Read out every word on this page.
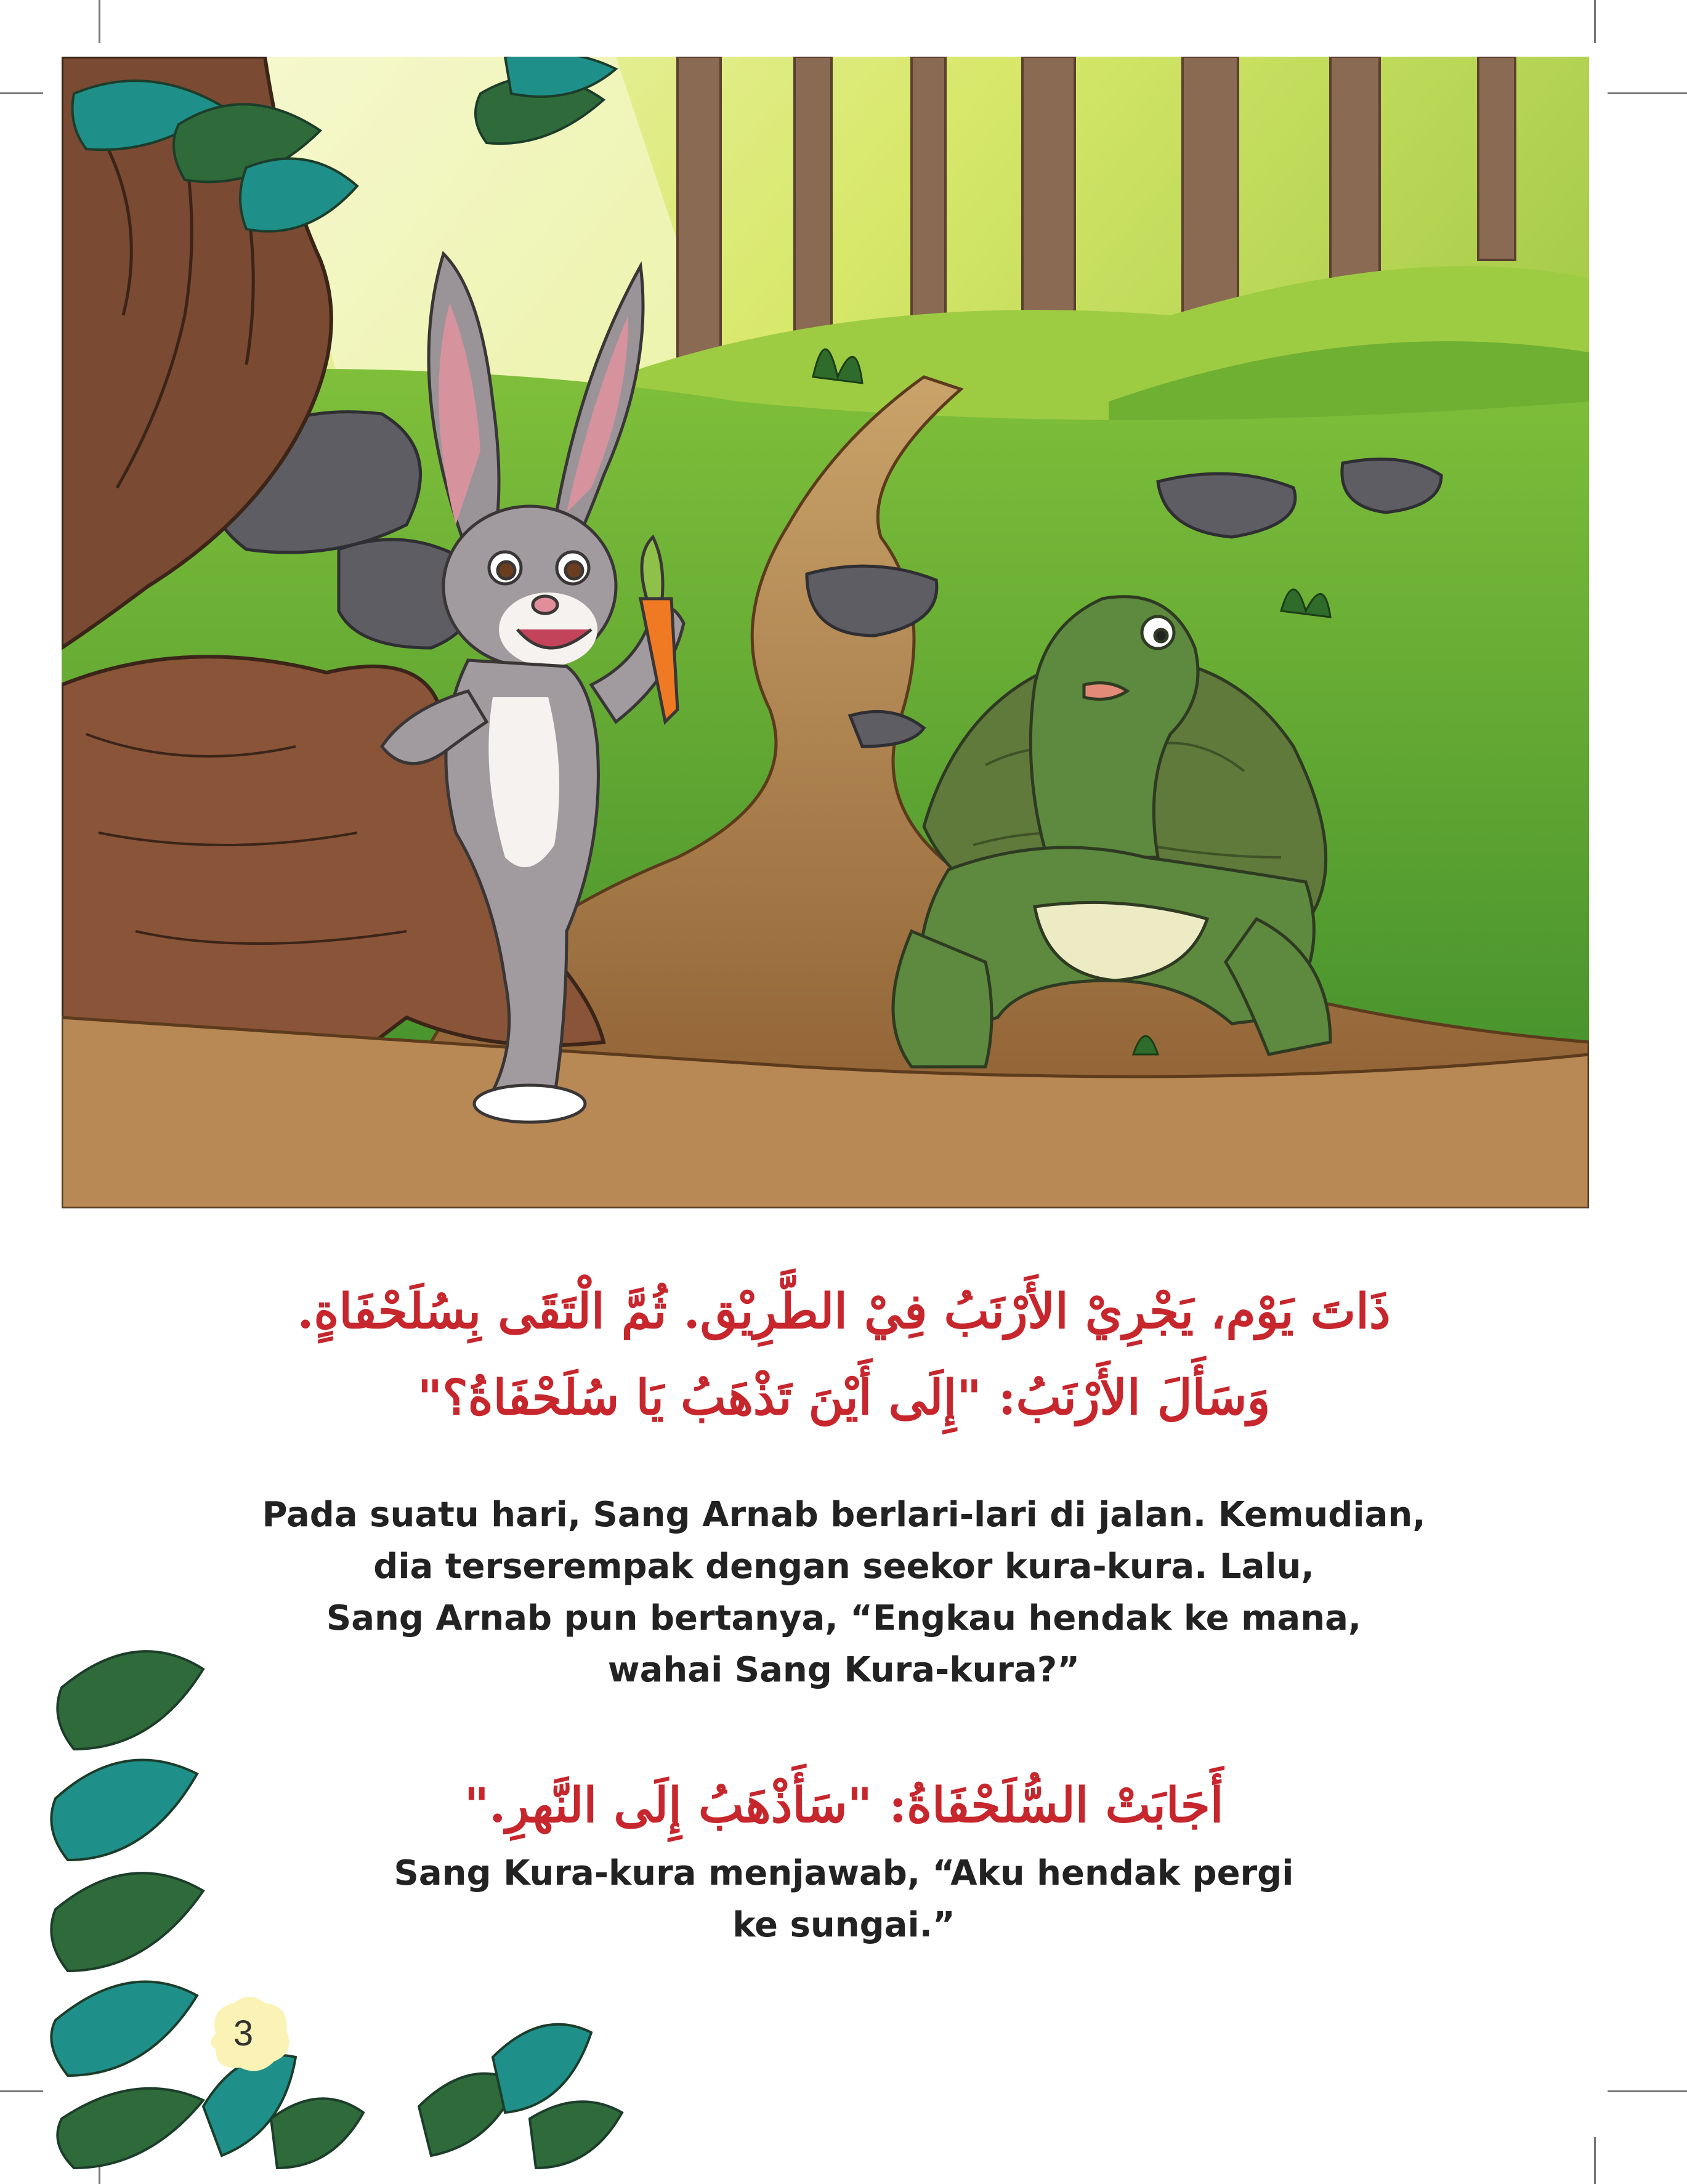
ذَاتَ يَوْم، يَجْرِيْ الأَرْنَبُ فِيْ الطَّرِيْق. ثُمَّ الْتَقَى بِسُلَحْفَاةٍ.
وَسَأَلَ الأَرْنَبُ: "إِلَى أَيْنَ تَذْهَبُ يَا سُلَحْفَاةُ؟"
Pada suatu hari, Sang Arnab berlari-lari di jalan. Kemudian,
dia terserempak dengan seekor kura-kura. Lalu,
Sang Arnab pun bertanya, “Engkau hendak ke mana,
wahai Sang Kura-kura?”
أَجَابَتْ السُّلَحْفَاةُ: "سَأَذْهَبُ إِلَى النَّهرِ."
Sang Kura-kura menjawab, “Aku hendak pergi
ke sungai.”
3
